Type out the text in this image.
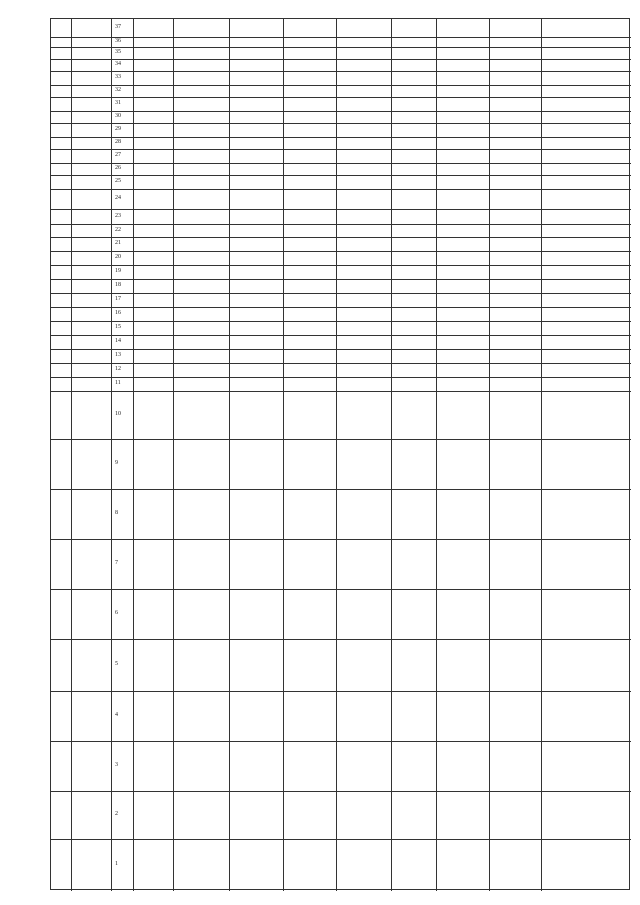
1
2
3
4
5
6
7
8
9
10
11
12
13
14
15
16
17
18
19
20
21
22
23
24
25
26
27
28
29
30
31
32
33
34
35
36
37
